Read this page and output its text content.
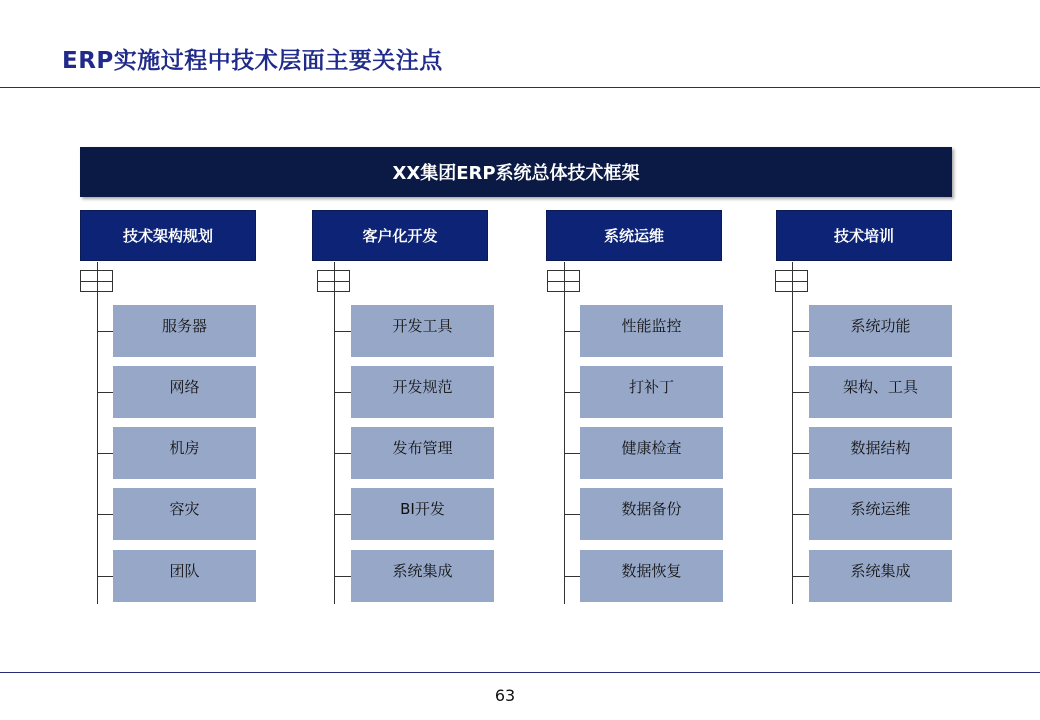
ERP实施过程中技术层面主要关注点
XX集团ERP系统总体技术框架
技术架构规划
服务器
网络
机房
容灾
团队
客户化开发
开发工具
开发规范
发布管理
BI开发
系统集成
系统运维
性能监控
打补丁
健康检查
数据备份
数据恢复
技术培训
系统功能
架构、工具
数据结构
系统运维
系统集成
63
